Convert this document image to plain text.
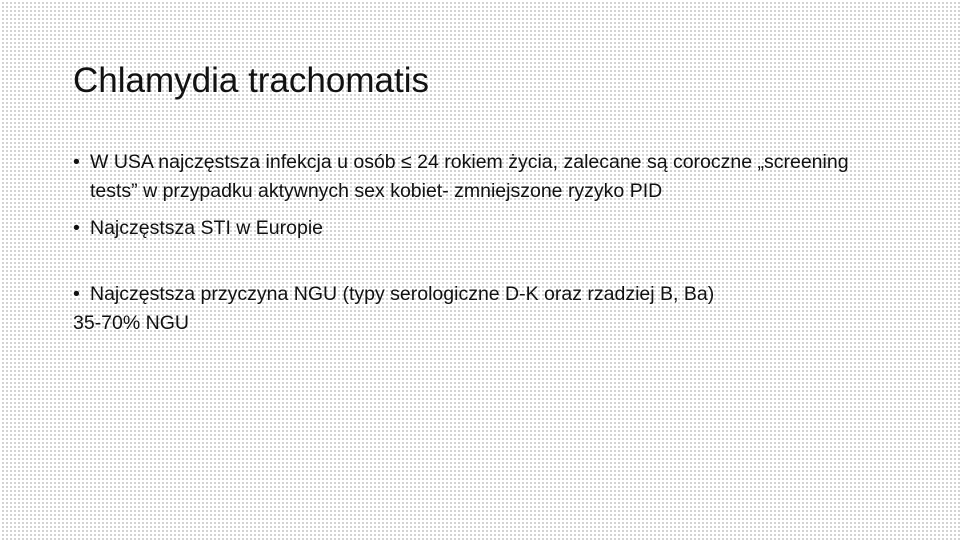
Chlamydia trachomatis
• W USA najczęstsza infekcja u osób ≤ 24 rokiem życia, zalecane są coroczne „screening tests” w przypadku aktywnych sex kobiet- zmniejszone ryzyko PID
• Najczęstsza STI w Europie
• Najczęstsza przyczyna NGU (typy serologiczne D-K oraz rzadziej B, Ba)
35-70% NGU
